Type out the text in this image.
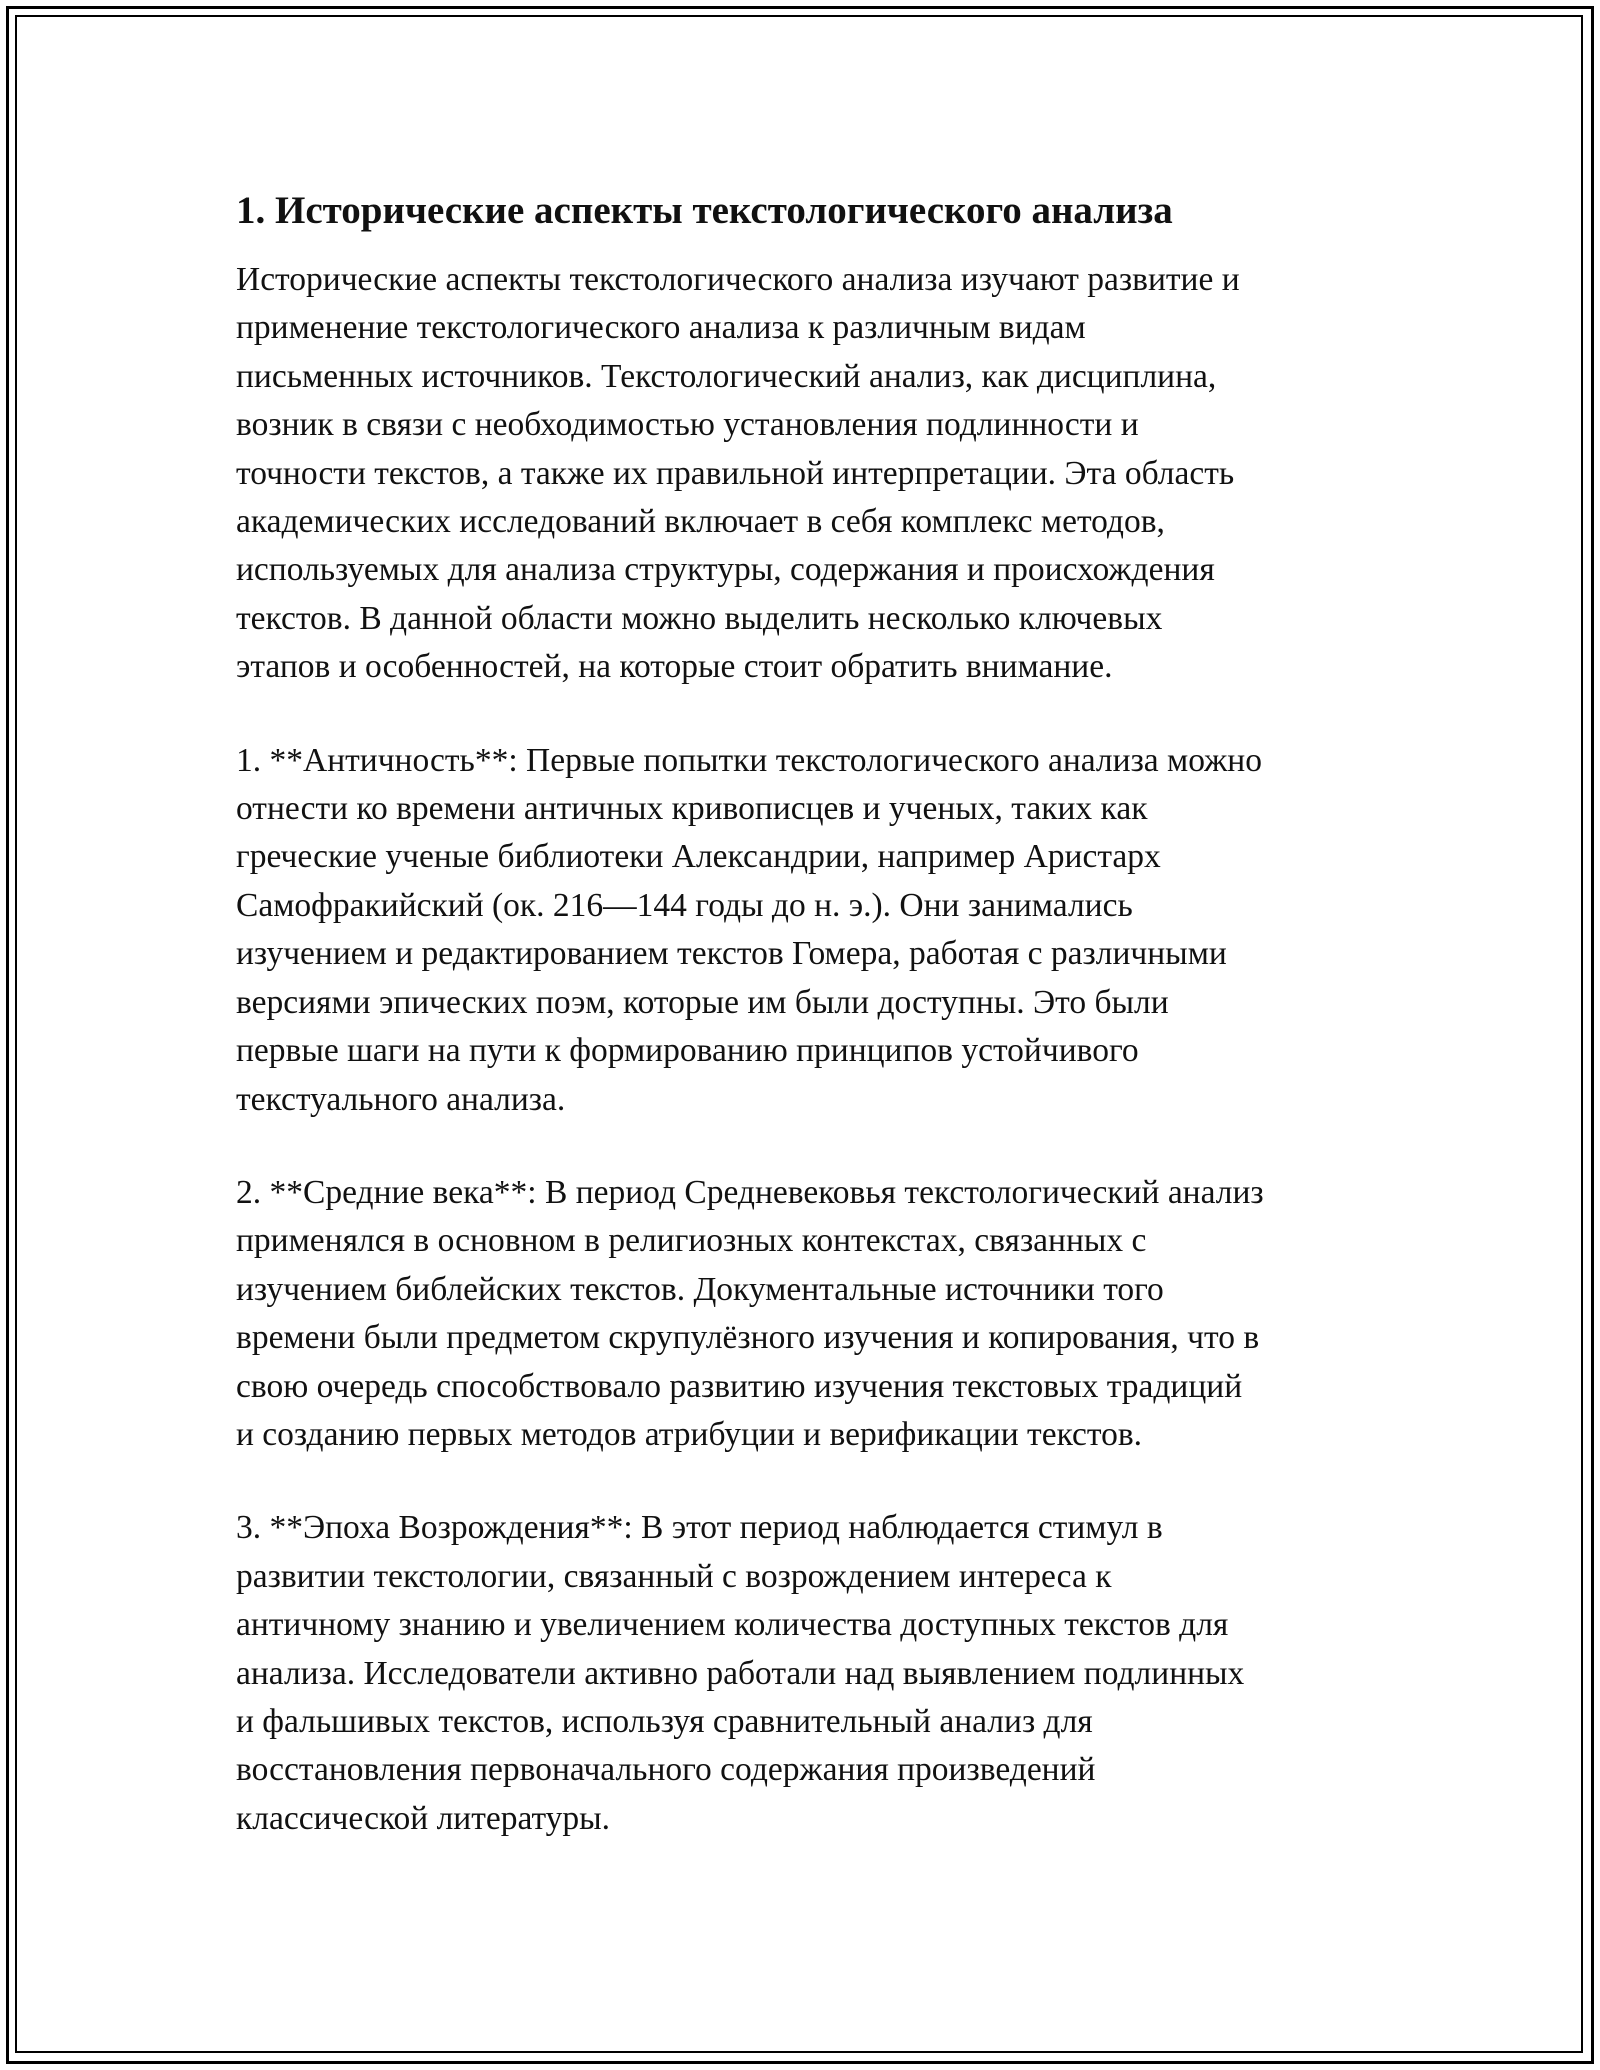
1. Исторические аспекты текстологического анализа

Исторические аспекты текстологического анализа изучают развитие и
применение текстологического анализа к различным видам
письменных источников. Текстологический анализ, как дисциплина,
возник в связи с необходимостью установления подлинности и
точности текстов, а также их правильной интерпретации. Эта область
академических исследований включает в себя комплекс методов,
используемых для анализа структуры, содержания и происхождения
текстов. В данной области можно выделить несколько ключевых
этапов и особенностей, на которые стоит обратить внимание.

1. **Античность**: Первые попытки текстологического анализа можно
отнести ко времени античных кривописцев и ученых, таких как
греческие ученые библиотеки Александрии, например Аристарх
Самофракийский (ок. 216—144 годы до н. э.). Они занимались
изучением и редактированием текстов Гомера, работая с различными
версиями эпических поэм, которые им были доступны. Это были
первые шаги на пути к формированию принципов устойчивого
текстуального анализа.

2. **Средние века**: В период Средневековья текстологический анализ
применялся в основном в религиозных контекстах, связанных с
изучением библейских текстов. Документальные источники того
времени были предметом скрупулёзного изучения и копирования, что в
свою очередь способствовало развитию изучения текстовых традиций
и созданию первых методов атрибуции и верификации текстов.

3. **Эпоха Возрождения**: В этот период наблюдается стимул в
развитии текстологии, связанный с возрождением интереса к
античному знанию и увеличением количества доступных текстов для
анализа. Исследователи активно работали над выявлением подлинных
и фальшивых текстов, используя сравнительный анализ для
восстановления первоначального содержания произведений
классической литературы.
